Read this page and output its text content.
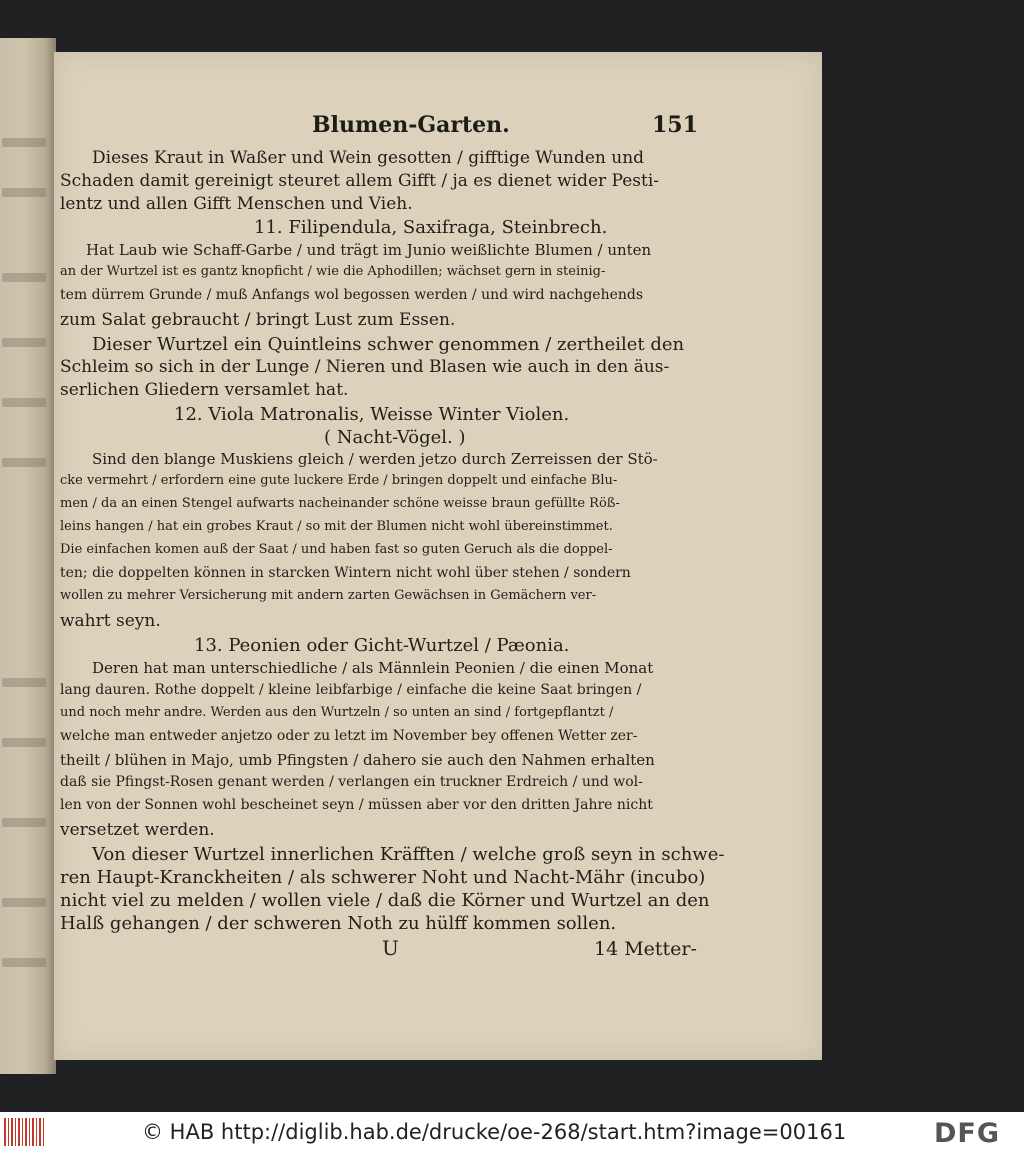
Blumen-Garten.	151
Dieses Kraut in Waßer und Wein gesotten / gifftige Wunden und
Schaden damit gereinigt steuret allem Gifft / ja es dienet wider Pesti-
lentz und allen Gifft Menschen und Vieh.
11. Filipendula, Saxifraga, Steinbrech.
Hat Laub wie Schaff-Garbe / und trägt im Junio weißlichte Blumen / unten
an der Wurtzel ist es gantz knopficht / wie die Aphodillen; wächset gern in steinig-
tem dürrem Grunde / muß Anfangs wol begossen werden / und wird nachgehends
zum Salat gebraucht / bringt Lust zum Essen.
Dieser Wurtzel ein Quintleins schwer genommen / zertheilet den
Schleim so sich in der Lunge / Nieren und Blasen wie auch in den äus-
serlichen Gliedern versamlet hat.
12. Viola Matronalis, Weisse Winter Violen.
( Nacht-Vögel. )
Sind den blange Muskiens gleich / werden jetzo durch Zerreissen der Stö-
cke vermehrt / erfordern eine gute luckere Erde / bringen doppelt und einfache Blu-
men / da an einen Stengel aufwarts nacheinander schöne weisse braun gefüllte Röß-
leins hangen / hat ein grobes Kraut / so mit der Blumen nicht wohl übereinstimmet.
Die einfachen komen auß der Saat / und haben fast so guten Geruch als die doppel-
ten; die doppelten können in starcken Wintern nicht wohl über stehen / sondern
wollen zu mehrer Versicherung mit andern zarten Gewächsen in Gemächern ver-
wahrt seyn.
13. Peonien oder Gicht-Wurtzel / Pæonia.
Deren hat man unterschiedliche / als Männlein Peonien / die einen Monat
lang dauren. Rothe doppelt / kleine leibfarbige / einfache die keine Saat bringen /
und noch mehr andre. Werden aus den Wurtzeln / so unten an sind / fortgepflantzt /
welche man entweder anjetzo oder zu letzt im November bey offenen Wetter zer-
theilt / blühen in Majo, umb Pfingsten / dahero sie auch den Nahmen erhalten
daß sie Pfingst-Rosen genant werden / verlangen ein truckner Erdreich / und wol-
len von der Sonnen wohl bescheinet seyn / müssen aber vor den dritten Jahre nicht
versetzet werden.
Von dieser Wurtzel innerlichen Kräfften / welche groß seyn in schwe-
ren Haupt-Kranckheiten / als schwerer Noht und Nacht-Mähr (incubo)
nicht viel zu melden / wollen viele / daß die Körner und Wurtzel an den
Halß gehangen / der schweren Noth zu hülff kommen sollen.
U	14 Metter-
© HAB http://diglib.hab.de/drucke/oe-268/start.htm?image=00161	DFG
